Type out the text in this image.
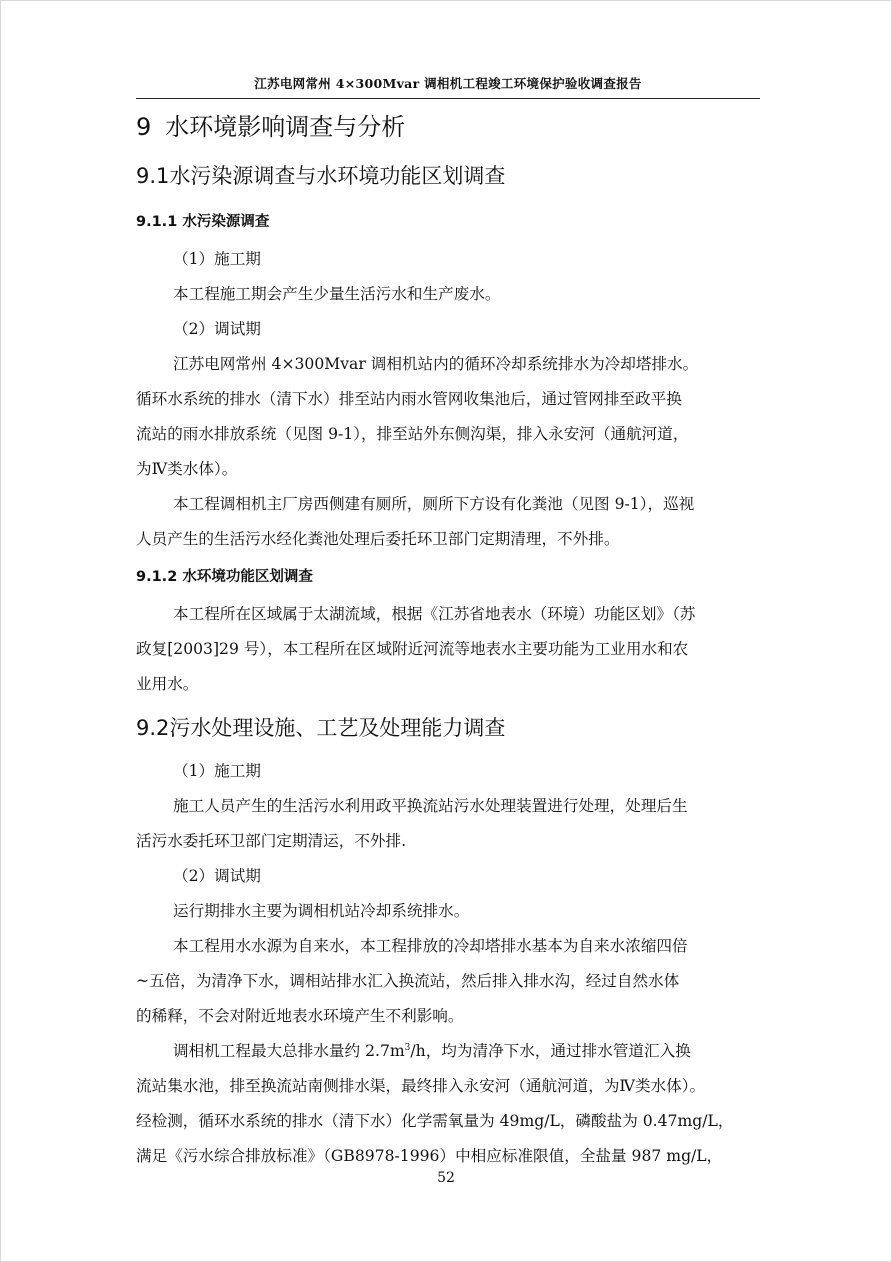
江苏电网常州 4×300Mvar 调相机工程竣工环境保护验收调查报告
9 水环境影响调查与分析
9.1水污染源调查与水环境功能区划调查
9.1.1 水污染源调查

（1）施工期

本工程施工期会产生少量生活污水和生产废水。

（2）调试期

江苏电网常州 4×300Mvar 调相机站内的循环冷却系统排水为冷却塔排水。
循环水系统的排水（清下水）排至站内雨水管网收集池后，通过管网排至政平换
流站的雨水排放系统（见图 9-1），排至站外东侧沟渠，排入永安河（通航河道，
为Ⅳ类水体）。

本工程调相机主厂房西侧建有厕所，厕所下方设有化粪池（见图 9-1），巡视
人员产生的生活污水经化粪池处理后委托环卫部门定期清理，不外排。

9.1.2 水环境功能区划调查

本工程所在区域属于太湖流域，根据《江苏省地表水（环境）功能区划》（苏
政复[2003]29 号），本工程所在区域附近河流等地表水主要功能为工业用水和农
业用水。

9.2污水处理设施、工艺及处理能力调查

（1）施工期

施工人员产生的生活污水利用政平换流站污水处理装置进行处理，处理后生
活污水委托环卫部门定期清运，不外排.

（2）调试期

运行期排水主要为调相机站冷却系统排水。

本工程用水水源为自来水，本工程排放的冷却塔排水基本为自来水浓缩四倍
~五倍，为清净下水，调相站排水汇入换流站，然后排入排水沟，经过自然水体
的稀释，不会对附近地表水环境产生不利影响。

调相机工程最大总排水量约 $2.7m^3/h$，均为清净下水，通过排水管道汇入换
流站集水池，排至换流站南侧排水渠，最终排入永安河（通航河道，为Ⅳ类水体）。
经检测，循环水系统的排水（清下水）化学需氧量为 49mg/L，磷酸盐为 0.47mg/L，
满足《污水综合排放标准》（GB8978-1996）中相应标准限值，全盐量 987 mg/L，

52
